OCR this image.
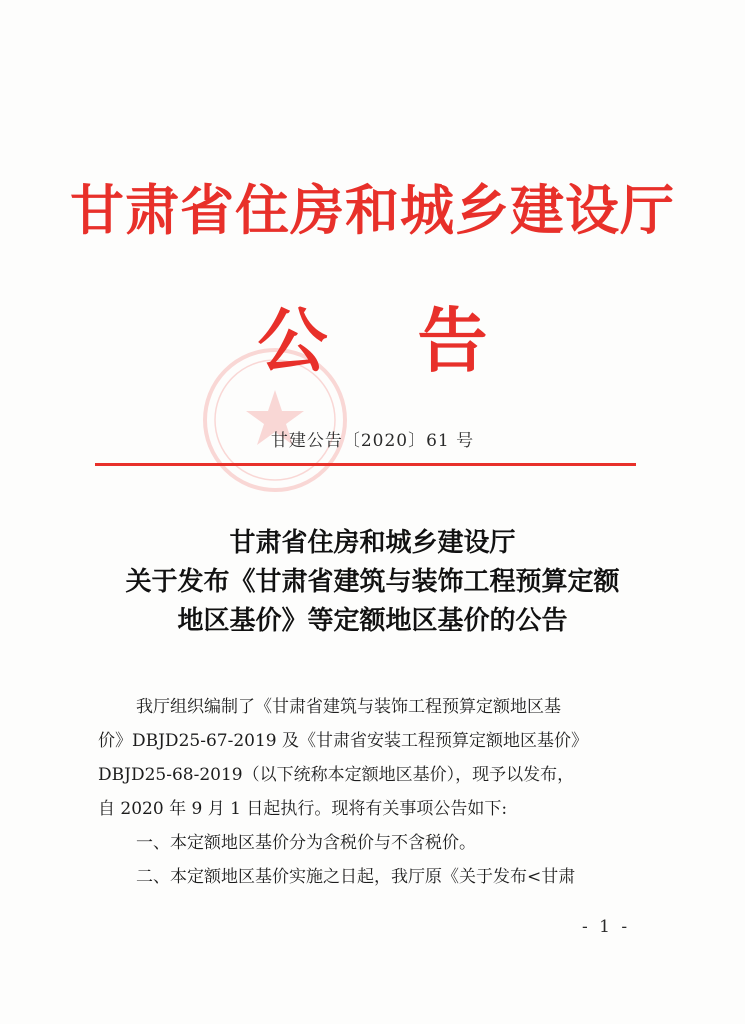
甘肃省住房和城乡建设厅
公告
甘建公告〔2020〕61 号
甘肃省住房和城乡建设厅
关于发布《甘肃省建筑与装饰工程预算定额
地区基价》等定额地区基价的公告

我厅组织编制了《甘肃省建筑与装饰工程预算定额地区基

价》DBJD25-67-2019 及《甘肃省安装工程预算定额地区基价》

DBJD25-68-2019（以下统称本定额地区基价），现予以发布，

自 2020 年 9 月 1 日起执行。现将有关事项公告如下:

一、本定额地区基价分为含税价与不含税价。

二、本定额地区基价实施之日起，我厅原《关于发布<甘肃

- 1 -
